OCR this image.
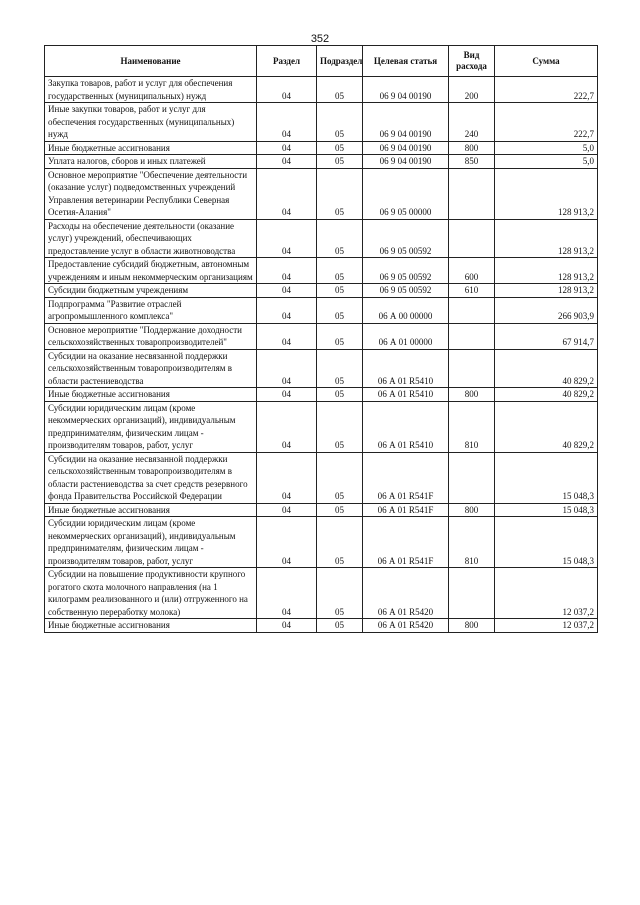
352
Наименование	Раздел	Подраздел	Целевая статья	Вид расхода	Сумма
Закупка товаров, работ и услуг для обеспечения государственных (муниципальных) нужд	04	05	06 9 04 00190	200	222,7
Иные закупки товаров, работ и услуг для обеспечения государственных (муниципальных) нужд	04	05	06 9 04 00190	240	222,7
Иные бюджетные ассигнования	04	05	06 9 04 00190	800	5,0
Уплата налогов, сборов и иных платежей	04	05	06 9 04 00190	850	5,0
Основное мероприятие "Обеспечение деятельности (оказание услуг) подведомственных учреждений Управления ветеринарии Республики Северная Осетия-Алания"	04	05	06 9 05 00000		128 913,2
Расходы на обеспечение деятельности (оказание услуг) учреждений, обеспечивающих предоставление услуг в области животноводства	04	05	06 9 05 00592		128 913,2
Предоставление субсидий бюджетным, автономным учреждениям и иным некоммерческим организациям	04	05	06 9 05 00592	600	128 913,2
Субсидии бюджетным учреждениям	04	05	06 9 05 00592	610	128 913,2
Подпрограмма "Развитие отраслей агропромышленного комплекса"	04	05	06 А 00 00000		266 903,9
Основное мероприятие "Поддержание доходности сельскохозяйственных товаропроизводителей"	04	05	06 А 01 00000		67 914,7
Субсидии на оказание несвязанной поддержки сельскохозяйственным товаропроизводителям в области растениеводства	04	05	06 А 01 R5410		40 829,2
Иные бюджетные ассигнования	04	05	06 А 01 R5410	800	40 829,2
Субсидии юридическим лицам (кроме некоммерческих организаций), индивидуальным предпринимателям, физическим лицам - производителям товаров, работ, услуг	04	05	06 А 01 R5410	810	40 829,2
Субсидии на оказание несвязанной поддержки сельскохозяйственным товаропроизводителям в области растениеводства за счет средств резервного фонда Правительства Российской Федерации	04	05	06 А 01 R541F		15 048,3
Иные бюджетные ассигнования	04	05	06 А 01 R541F	800	15 048,3
Субсидии юридическим лицам (кроме некоммерческих организаций), индивидуальным предпринимателям, физическим лицам - производителям товаров, работ, услуг	04	05	06 А 01 R541F	810	15 048,3
Субсидии на повышение продуктивности крупного рогатого скота молочного направления (на 1 килограмм реализованного и (или) отгруженного на собственную переработку молока)	04	05	06 А 01 R5420		12 037,2
Иные бюджетные ассигнования	04	05	06 А 01 R5420	800	12 037,2
